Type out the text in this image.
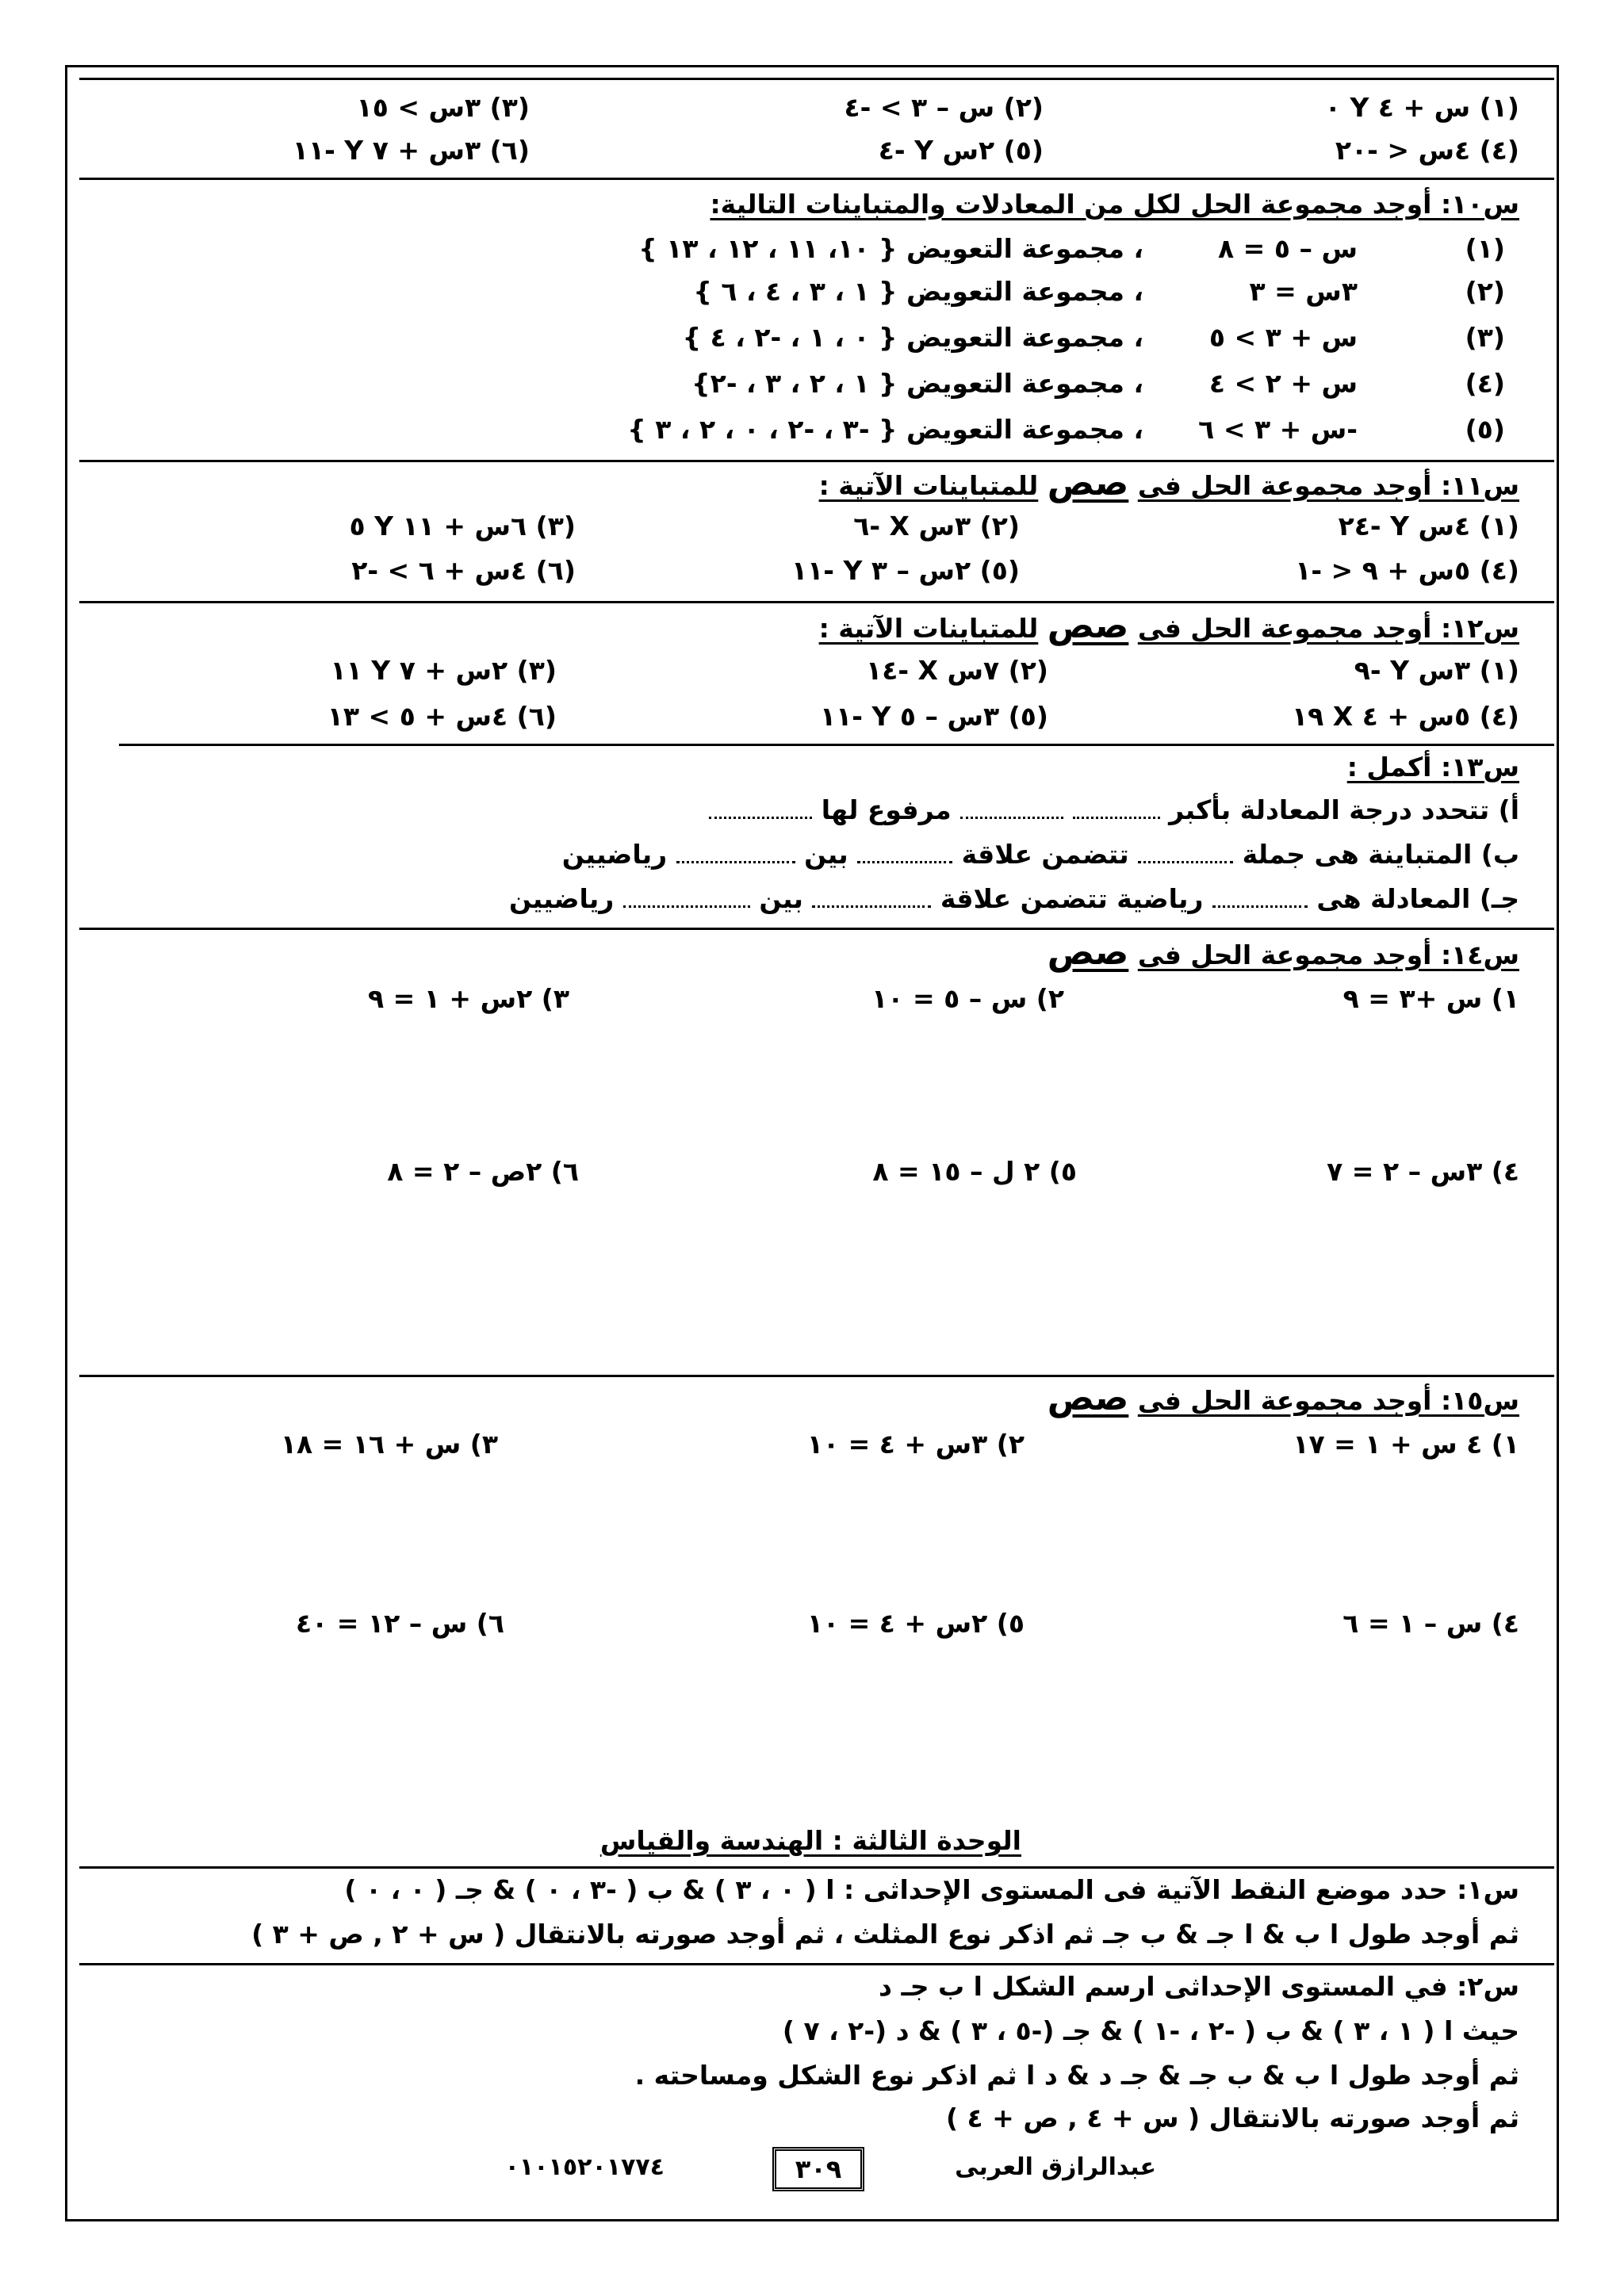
(١) س + ٤ Y ٠
(٢) س – ٣ > -٤
(٣) ٣س > ١٥
(٤) ٤س < -٢٠
(٥) ٢س Y -٤
(٦) ٣س + ٧ Y -١١
س١٠: أوجد مجموعة الحل لكل من المعادلات والمتباينات التالية:
(١)
س – ٥ = ٨
، مجموعة التعويض { ١٠، ١١ ، ١٢ ، ١٣ }
(٢)
٣س = ٣
، مجموعة التعويض { ١ ، ٣ ، ٤ ، ٦ }
(٣)
س + ٣ > ٥
، مجموعة التعويض { ٠ ، ١ ، -٢ ، ٤ }
(٤)
س + ٢ > ٤
، مجموعة التعويض { ١ ، ٢ ، ٣ ، -٢}
(٥)
-س + ٣ > ٦
، مجموعة التعويض { -٣ ، -٢ ، ٠ ، ٢ ، ٣ }
س١١: أوجد مجموعة الحل فى صص للمتباينات الآتية :
(١) ٤س Y -٢٤
(٢) ٣س X -٦
(٣) ٦س + ١١ Y ٥
(٤) ٥س + ٩ < -١
(٥) ٢س – ٣ Y -١١
(٦) ٤س + ٦ > -٢
س١٢: أوجد مجموعة الحل فى صص للمتباينات الآتية :
(١) ٣س Y -٩
(٢) ٧س X -١٤
(٣) ٢س + ٧ Y ١١
(٤) ٥س + ٤ X ١٩
(٥) ٣س – ٥ Y -١١
(٦) ٤س + ٥ > ١٣
س١٣: أكمل :
أ) تتحدد درجة المعادلة بأكبر   مرفوع لها
ب) المتباينة هى جملة  تتضمن علاقة  بين  رياضيين
جـ) المعادلة هى  رياضية تتضمن علاقة  بين  رياضيين
س١٤: أوجد مجموعة الحل فى صص
١) س +٣ = ٩
٢) س – ٥ = ١٠
٣) ٢س + ١ = ٩
٤) ٣س – ٢ = ٧
٥) ٢ ل – ١٥ = ٨
٦) ٢ص – ٢ = ٨
س١٥: أوجد مجموعة الحل فى صص
١) ٤ س + ١ = ١٧
٢) ٣س + ٤ = ١٠
٣) س + ١٦ = ١٨
٤) س – ١ = ٦
٥) ٢س + ٤ = ١٠
٦) س – ١٢ = ٤٠
الوحدة الثالثة : الهندسة والقياس
س١: حدد موضع النقط الآتية فى المستوى الإحداثى : ا ( ٠ ، ٣ ) & ب ( -٣ ، ٠ ) & جـ ( ٠ ، ٠ )
ثم أوجد طول ا ب & ا جـ & ب جـ ثم اذكر نوع المثلث ، ثم أوجد صورته بالانتقال ( س + ٢ , ص + ٣ )
س٢: في المستوى الإحداثى ارسم الشكل ا ب جـ د
حيث ا ( ١ ، ٣ ) & ب ( -٢ ، -١ ) & جـ (-٥ ، ٣ ) & د (-٢ ، ٧ )
ثم أوجد طول ا ب & ب جـ & جـ د & د ا ثم اذكر نوع الشكل ومساحته .
ثم أوجد صورته بالانتقال ( س + ٤ , ص + ٤ )
عبدالرازق العربى
٣٠٩
٠١٠١٥٢٠١٧٧٤
